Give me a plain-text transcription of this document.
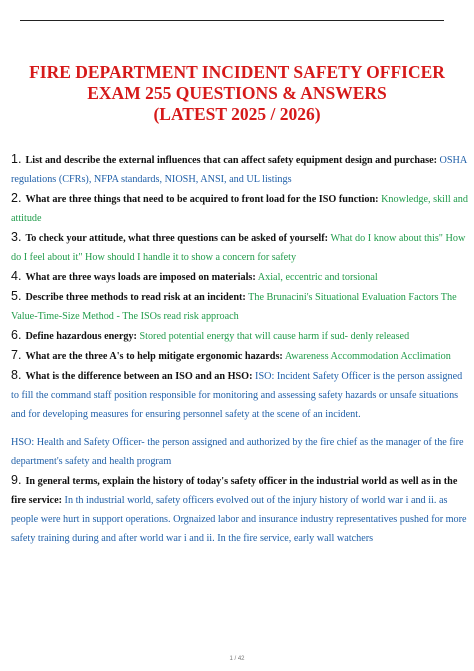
FIRE DEPARTMENT INCIDENT SAFETY OFFICER
EXAM 255 QUESTIONS & ANSWERS
(LATEST 2025 / 2026)

1. List and describe the external influences that can affect safety equipment design and purchase: OSHA regulations (CFRs), NFPA standards, NIOSH, ANSI, and UL listings

2. What are three things that need to be acquired to front load for the ISO function: Knowledge, skill and attitude

3. To check your attitude, what three questions can be asked of yourself: What do I know about this" How do I feel about it" How should I handle it to show a concern for safety

4. What are three ways loads are imposed on materials: Axial, eccentric and torsional

5. Describe three methods to read risk at an incident: The Brunacini's Situational Evaluation Factors The Value-Time-Size Method - The ISOs read risk approach

6. Define hazardous energy: Stored potential energy that will cause harm if sud- denly released

7. What are the three A's to help mitigate ergonomic hazards: Awareness Accommodation Acclimation

8. What is the difference between an ISO and an HSO: ISO: Incident Safety Officer is the person assigned to fill the command staff position responsible for monitoring and assessing safety hazards or unsafe situations and for developing measures for ensuring personnel safety at the scene of an incident.

HSO: Health and Safety Officer- the person assigned and authorized by the fire chief as the manager of the fire department's safety and health program

9. In general terms, explain the history of today's safety officer in the industrial world as well as in the fire service: In th industrial world, safety officers evolved out of the injury history of world war i and ii. as people were hurt in support operations. Orgnaized labor and insurance industry representatives pushed for more safety training during and after world war i and ii. In the fire service, early wall watchers

1 / 42
